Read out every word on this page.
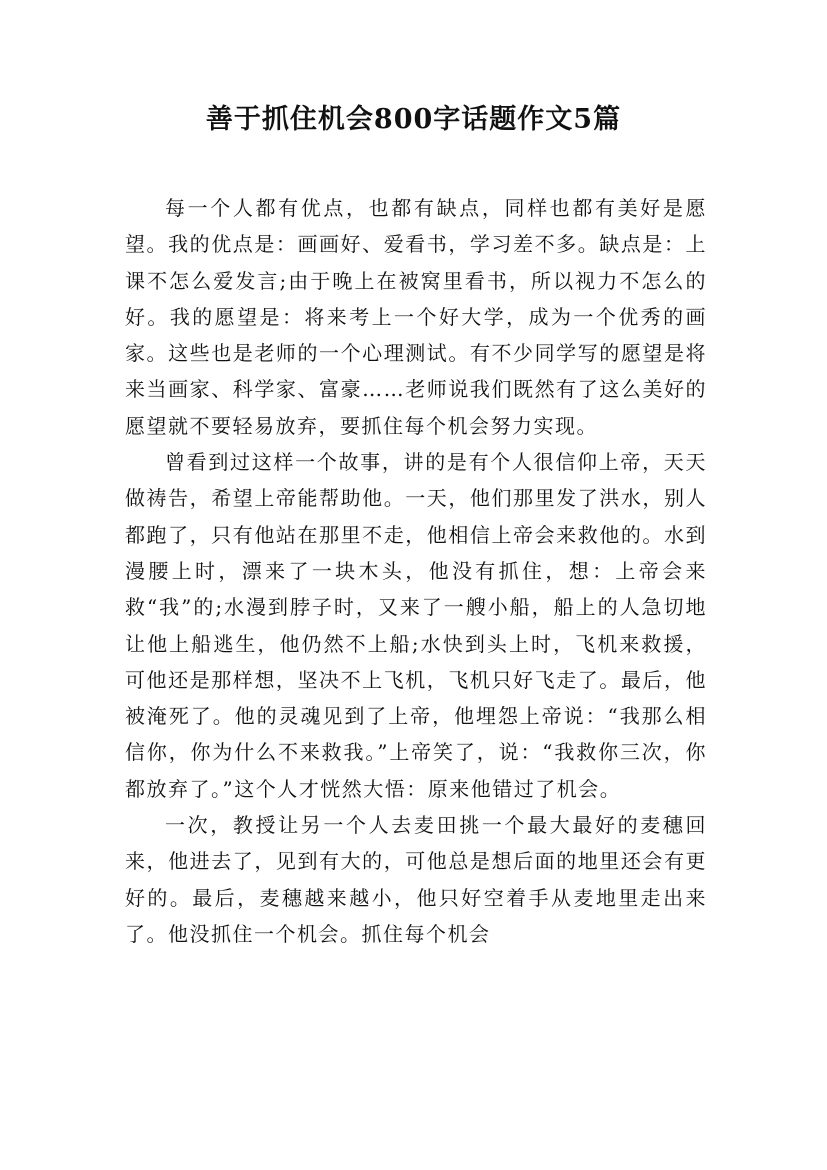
善于抓住机会800字话题作文5篇

每一个人都有优点，也都有缺点，同样也都有美好是愿望。我的优点是：画画好、爱看书，学习差不多。缺点是：上课不怎么爱发言;由于晚上在被窝里看书，所以视力不怎么的好。我的愿望是：将来考上一个好大学，成为一个优秀的画家。这些也是老师的一个心理测试。有不少同学写的愿望是将来当画家、科学家、富豪……老师说我们既然有了这么美好的愿望就不要轻易放弃，要抓住每个机会努力实现。

曾看到过这样一个故事，讲的是有个人很信仰上帝，天天做祷告，希望上帝能帮助他。一天，他们那里发了洪水，别人都跑了，只有他站在那里不走，他相信上帝会来救他的。水到漫腰上时，漂来了一块木头，他没有抓住，想：上帝会来救“我”的;水漫到脖子时，又来了一艘小船，船上的人急切地让他上船逃生，他仍然不上船;水快到头上时，飞机来救援，可他还是那样想，坚决不上飞机，飞机只好飞走了。最后，他被淹死了。他的灵魂见到了上帝，他埋怨上帝说：“我那么相信你，你为什么不来救我。”上帝笑了，说：“我救你三次，你都放弃了。”这个人才恍然大悟：原来他错过了机会。

一次，教授让另一个人去麦田挑一个最大最好的麦穗回来，他进去了，见到有大的，可他总是想后面的地里还会有更好的。最后，麦穗越来越小，他只好空着手从麦地里走出来了。他没抓住一个机会。抓住每个机会
